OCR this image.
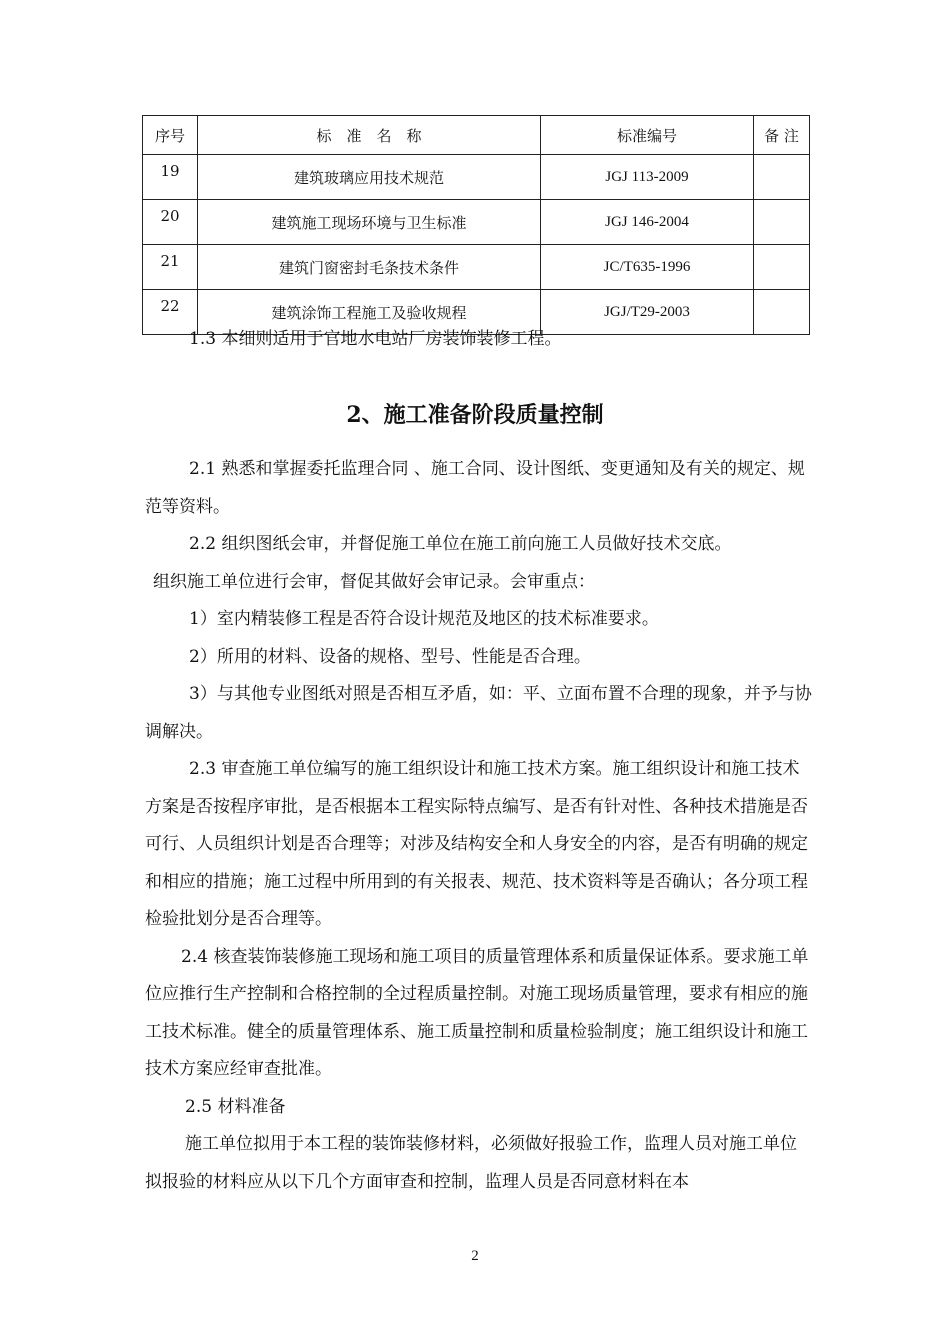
序号	标　准　名　称	标准编号	备 注
19	建筑玻璃应用技术规范	JGJ 113-2009	
20	建筑施工现场环境与卫生标准	JGJ 146-2004	
21	建筑门窗密封毛条技术条件	JC/T635-1996	
22	建筑涂饰工程施工及验收规程	JGJ/T29-2003	

1.3 本细则适用于官地水电站厂房装饰装修工程。

2、施工准备阶段质量控制

2.1 熟悉和掌握委托监理合同 、施工合同、设计图纸、变更通知及有关的规定、规范等资料。

2.2 组织图纸会审，并督促施工单位在施工前向施工人员做好技术交底。

组织施工单位进行会审，督促其做好会审记录。会审重点：

1）室内精装修工程是否符合设计规范及地区的技术标准要求。

2）所用的材料、设备的规格、型号、性能是否合理。

3）与其他专业图纸对照是否相互矛盾，如：平、立面布置不合理的现象，并予与协调解决。

2.3 审查施工单位编写的施工组织设计和施工技术方案。施工组织设计和施工技术方案是否按程序审批，是否根据本工程实际特点编写、是否有针对性、各种技术措施是否可行、人员组织计划是否合理等；对涉及结构安全和人身安全的内容，是否有明确的规定和相应的措施；施工过程中所用到的有关报表、规范、技术资料等是否确认；各分项工程检验批划分是否合理等。

2.4 核查装饰装修施工现场和施工项目的质量管理体系和质量保证体系。要求施工单位应推行生产控制和合格控制的全过程质量控制。对施工现场质量管理，要求有相应的施工技术标准。健全的质量管理体系、施工质量控制和质量检验制度；施工组织设计和施工技术方案应经审查批准。

2.5 材料准备

施工单位拟用于本工程的装饰装修材料，必须做好报验工作，监理人员对施工单位拟报验的材料应从以下几个方面审查和控制，监理人员是否同意材料在本

2
